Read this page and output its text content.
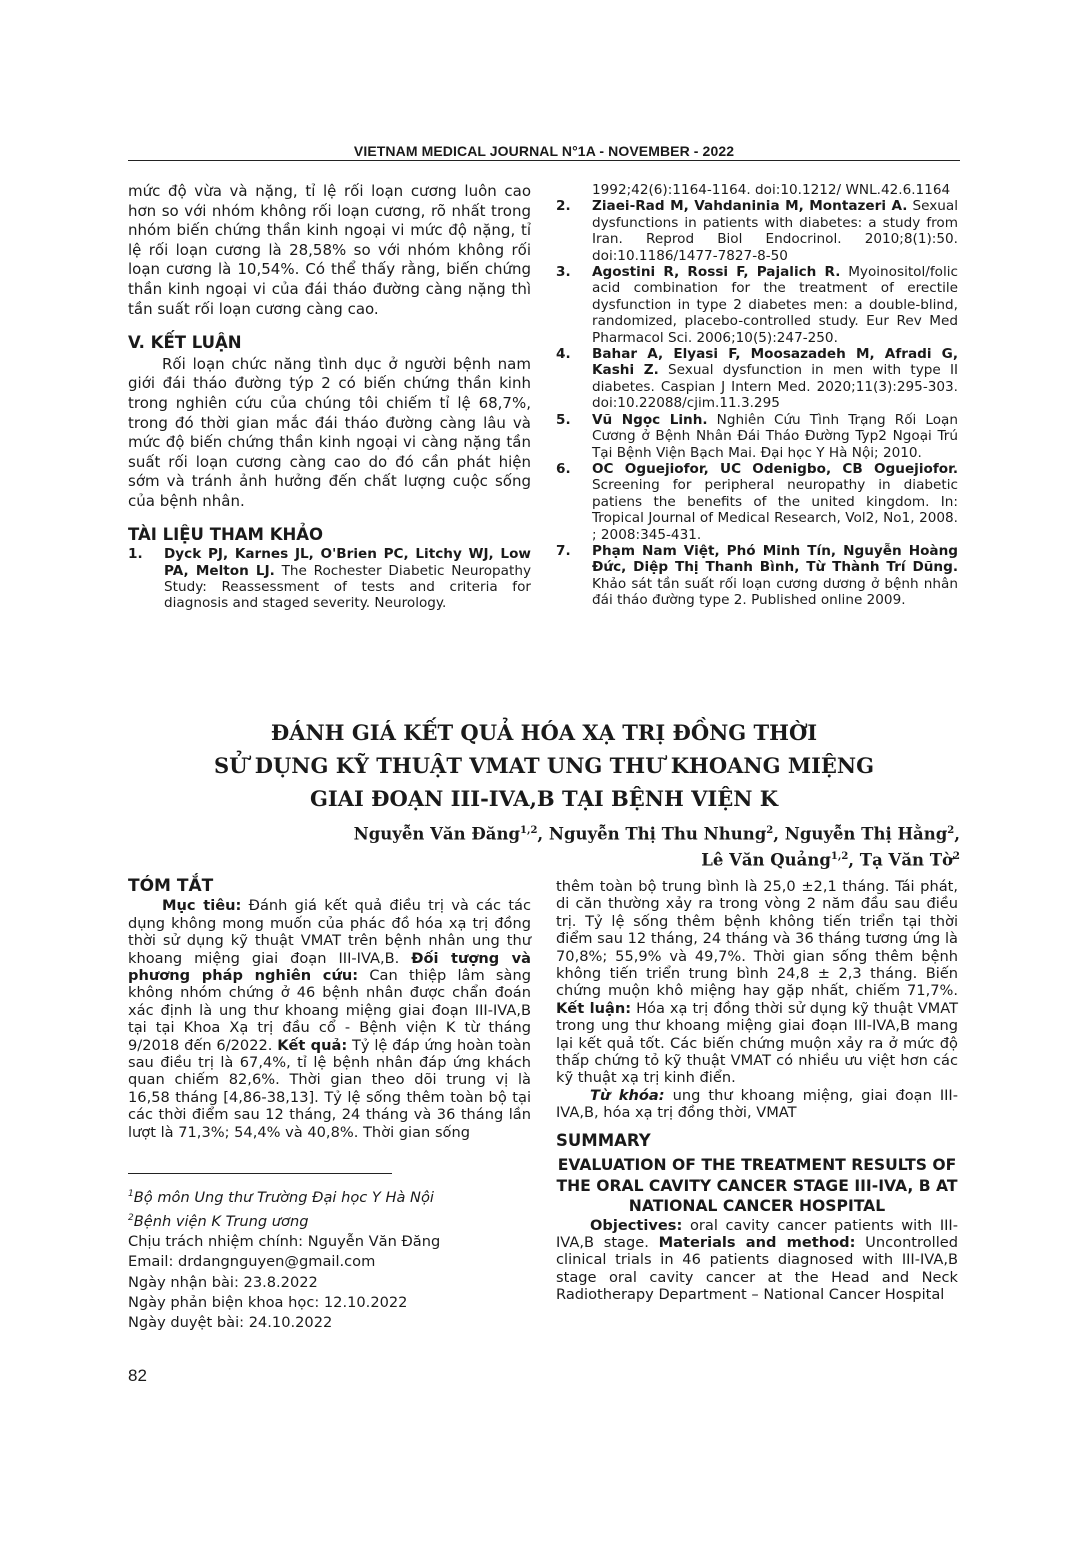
VIETNAM MEDICAL JOURNAL N°1A - NOVEMBER - 2022

mức độ vừa và nặng, tỉ lệ rối loạn cương luôn cao hơn so với nhóm không rối loạn cương, rõ nhất trong nhóm biến chứng thần kinh ngoại vi mức độ nặng, tỉ lệ rối loạn cương là 28,58% so với nhóm không rối loạn cương là 10,54%. Có thể thấy rằng, biến chứng thần kinh ngoại vi của đái tháo đường càng nặng thì tần suất rối loạn cương càng cao.

V. KẾT LUẬN

Rối loạn chức năng tình dục ở người bệnh nam giới đái tháo đường týp 2 có biến chứng thần kinh trong nghiên cứu của chúng tôi chiếm tỉ lệ 68,7%, trong đó thời gian mắc đái tháo đường càng lâu và mức độ biến chứng thần kinh ngoại vi càng nặng tần suất rối loạn cương càng cao do đó cần phát hiện sớm và tránh ảnh hưởng đến chất lượng cuộc sống của bệnh nhân.

TÀI LIỆU THAM KHẢO

1. Dyck PJ, Karnes JL, O'Brien PC, Litchy WJ, Low PA, Melton LJ. The Rochester Diabetic Neuropathy Study: Reassessment of tests and criteria for diagnosis and staged severity. Neurology.

1992;42(6):1164-1164. doi:10.1212/ WNL.42.6.1164

2. Ziaei-Rad M, Vahdaninia M, Montazeri A. Sexual dysfunctions in patients with diabetes: a study from Iran. Reprod Biol Endocrinol. 2010;8(1):50. doi:10.1186/1477-7827-8-50

3. Agostini R, Rossi F, Pajalich R. Myoinositol/folic acid combination for the treatment of erectile dysfunction in type 2 diabetes men: a double-blind, randomized, placebo-controlled study. Eur Rev Med Pharmacol Sci. 2006;10(5):247-250.

4. Bahar A, Elyasi F, Moosazadeh M, Afradi G, Kashi Z. Sexual dysfunction in men with type II diabetes. Caspian J Intern Med. 2020;11(3):295-303. doi:10.22088/cjim.11.3.295

5. Vũ Ngọc Linh. Nghiên Cứu Tình Trạng Rối Loạn Cương ở Bệnh Nhân Đái Tháo Đường Typ2 Ngoại Trú Tại Bệnh Viện Bạch Mai. Đại học Y Hà Nội; 2010.

6. OC Oguejiofor, UC Odenigbo, CB Oguejiofor. Screening for peripheral neuropathy in diabetic patiens the benefits of the united kingdom. In: Tropical Journal of Medical Research, Vol2, No1, 2008. ; 2008:345-431.

7. Phạm Nam Việt, Phó Minh Tín, Nguyễn Hoàng Đức, Diệp Thị Thanh Bình, Từ Thành Trí Dũng. Khảo sát tần suất rối loạn cương dương ở bệnh nhân đái tháo đường type 2. Published online 2009.

ĐÁNH GIÁ KẾT QUẢ HÓA XẠ TRỊ ĐỒNG THỜI
SỬ DỤNG KỸ THUẬT VMAT UNG THƯ KHOANG MIỆNG
GIAI ĐOẠN III-IVA,B TẠI BỆNH VIỆN K
Nguyễn Văn Đăng$^{1,2}$, Nguyễn Thị Thu Nhung$^2$, Nguyễn Thị Hằng$^2$,
Lê Văn Quảng$^{1,2}$, Tạ Văn Tờ$^2$

TÓM TẮT

Mục tiêu: Đánh giá kết quả điều trị và các tác dụng không mong muốn của phác đồ hóa xạ trị đồng thời sử dụng kỹ thuật VMAT trên bệnh nhân ung thư khoang miệng giai đoạn III-IVA,B. Đối tượng và phương pháp nghiên cứu: Can thiệp lâm sàng không nhóm chứng ở 46 bệnh nhân được chẩn đoán xác định là ung thư khoang miệng giai đoạn III-IVA,B tại tại Khoa Xạ trị đầu cổ - Bệnh viện K từ tháng 9/2018 đến 6/2022. Kết quả: Tỷ lệ đáp ứng hoàn toàn sau điều trị là 67,4%, tỉ lệ bệnh nhân đáp ứng khách quan chiếm 82,6%. Thời gian theo dõi trung vị là 16,58 tháng [4,86-38,13]. Tỷ lệ sống thêm toàn bộ tại các thời điểm sau 12 tháng, 24 tháng và 36 tháng lần lượt là 71,3%; 54,4% và 40,8%. Thời gian sống

thêm toàn bộ trung bình là 25,0 ±2,1 tháng. Tái phát, di căn thường xảy ra trong vòng 2 năm đầu sau điều trị. Tỷ lệ sống thêm bệnh không tiến triển tại thời điểm sau 12 tháng, 24 tháng và 36 tháng tương ứng là 70,8%; 55,9% và 49,7%. Thời gian sống thêm bệnh không tiến triển trung bình 24,8 ± 2,3 tháng. Biến chứng muộn khô miệng hay gặp nhất, chiếm 71,7%. Kết luận: Hóa xạ trị đồng thời sử dụng kỹ thuật VMAT trong ung thư khoang miệng giai đoạn III-IVA,B mang lại kết quả tốt. Các biến chứng muộn xảy ra ở mức độ thấp chứng tỏ kỹ thuật VMAT có nhiều ưu việt hơn các kỹ thuật xạ trị kinh điển.

Từ khóa: ung thư khoang miệng, giai đoạn III-IVA,B, hóa xạ trị đồng thời, VMAT

SUMMARY

EVALUATION OF THE TREATMENT RESULTS OF THE ORAL CAVITY CANCER STAGE III-IVA, B AT NATIONAL CANCER HOSPITAL

Objectives: oral cavity cancer patients with III-IVA,B stage. Materials and method: Uncontrolled clinical trials in 46 patients diagnosed with III-IVA,B stage oral cavity cancer at the Head and Neck Radiotherapy Department – National Cancer Hospital

$^1$Bộ môn Ung thư Trường Đại học Y Hà Nội

$^2$Bệnh viện K Trung ương

Chịu trách nhiệm chính: Nguyễn Văn Đăng

Email: drdangnguyen@gmail.com

Ngày nhận bài: 23.8.2022

Ngày phản biện khoa học: 12.10.2022

Ngày duyệt bài: 24.10.2022

82
